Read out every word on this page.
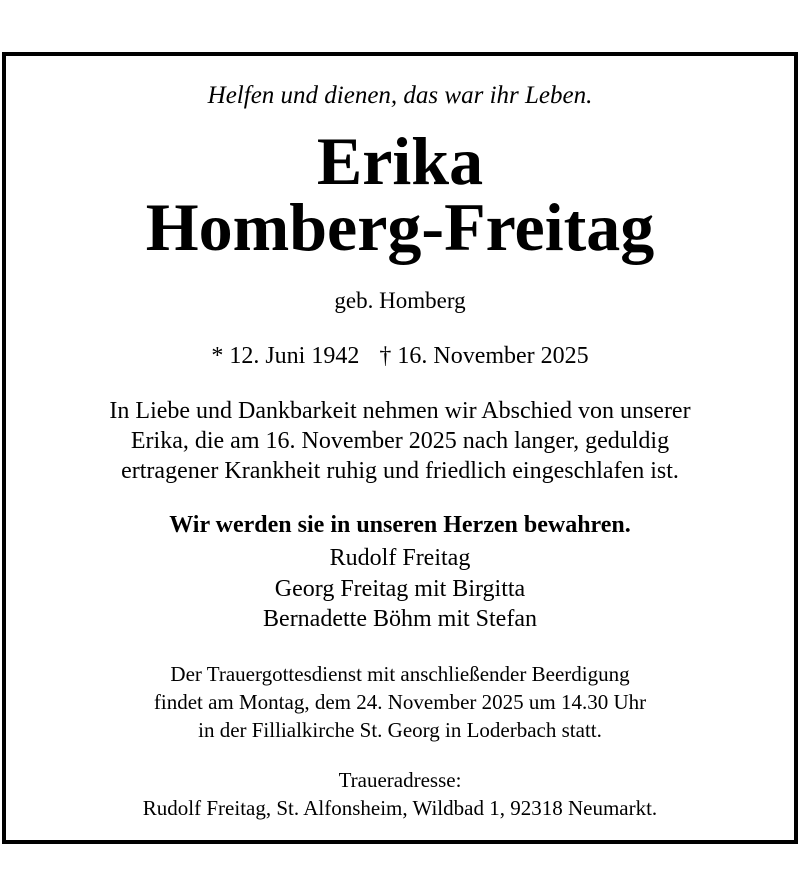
Helfen und dienen, das war ihr Leben.
Erika
Homberg-Freitag
geb. Homberg
* 12. Juni 1942 † 16. November 2025
In Liebe und Dankbarkeit nehmen wir Abschied von unserer
Erika, die am 16. November 2025 nach langer, geduldig
ertragener Krankheit ruhig und friedlich eingeschlafen ist.
Wir werden sie in unseren Herzen bewahren.
Rudolf Freitag
Georg Freitag mit Birgitta
Bernadette Böhm mit Stefan
Der Trauergottesdienst mit anschließender Beerdigung
findet am Montag, dem 24. November 2025 um 14.30 Uhr
in der Fillialkirche St. Georg in Loderbach statt.
Traueradresse:
Rudolf Freitag, St. Alfonsheim, Wildbad 1, 92318 Neumarkt.
